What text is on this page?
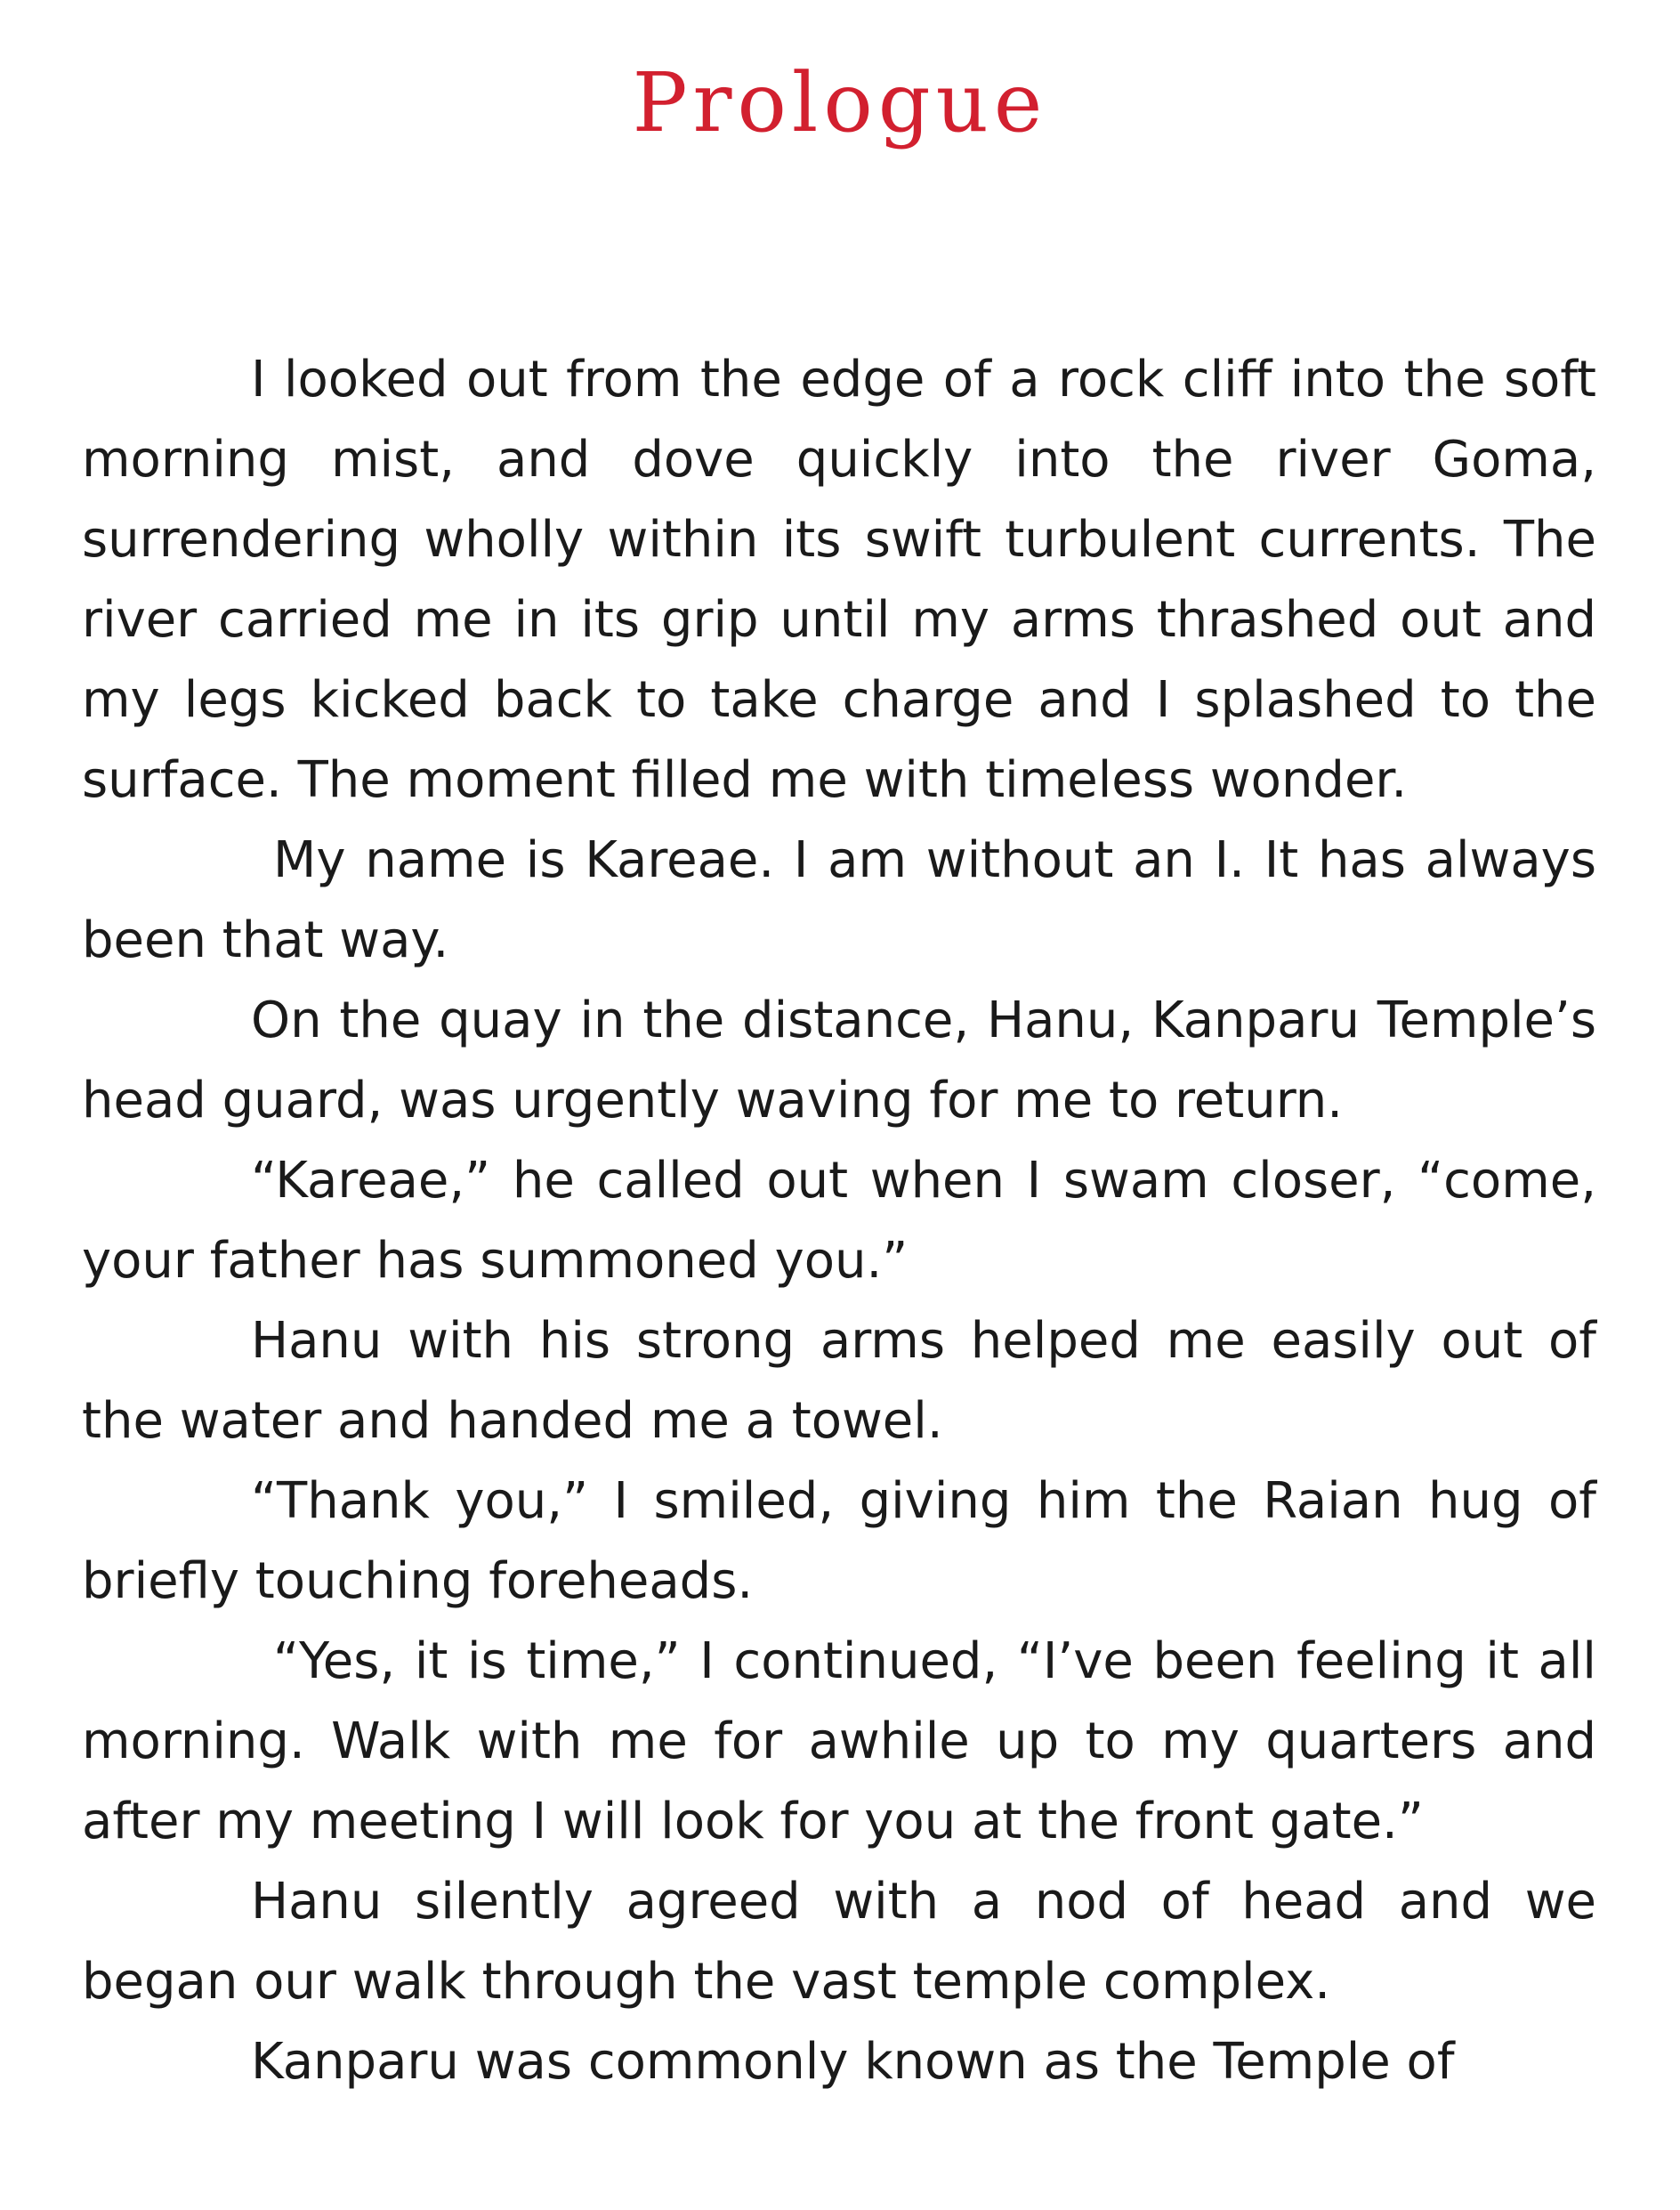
Prologue

I looked out from the edge of a rock cliff into the soft morning mist, and dove quickly into the river Goma, surrendering wholly within its swift turbulent currents. The river carried me in its grip until my arms thrashed out and my legs kicked back to take charge and I splashed to the surface. The moment filled me with timeless wonder.

My name is Kareae. I am without an I. It has always been that way.

On the quay in the distance, Hanu, Kanparu Temple’s head guard, was urgently waving for me to return.

“Kareae,” he called out when I swam closer, “come, your father has summoned you.”

Hanu with his strong arms helped me easily out of the water and handed me a towel.

“Thank you,” I smiled, giving him the Raian hug of briefly touching foreheads.

“Yes, it is time,” I continued, “I’ve been feeling it all morning. Walk with me for awhile up to my quarters and after my meeting I will look for you at the front gate.”

Hanu silently agreed with a nod of head and we began our walk through the vast temple complex.

Kanparu was commonly known as the Temple of
